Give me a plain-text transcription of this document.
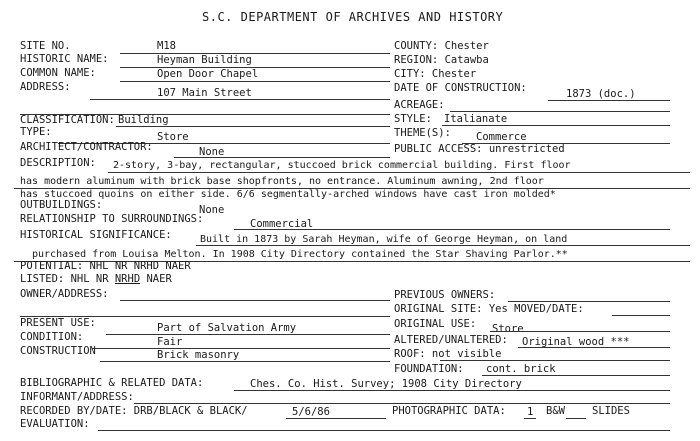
S.C. DEPARTMENT OF ARCHIVES AND HISTORY
SITE NO.	M18
HISTORIC NAME:	Heyman Building
COMMON NAME:	Open Door Chapel
ADDRESS:	107 Main Street
CLASSIFICATION: Building
TYPE:	Store
ARCHITECT/CONTRACTOR:	None
COUNTY: Chester
REGION: Catawba
CITY: Chester
DATE OF CONSTRUCTION:	1873 (doc.)
ACREAGE:
STYLE: Italianate
THEME(S): Commerce
PUBLIC ACCESS: unrestricted
DESCRIPTION: 2-story, 3-bay, rectangular, stuccoed brick commercial building. First floor
has modern aluminum with brick base shopfronts, no entrance. Aluminum awning, 2nd floor
has stuccoed quoins on either side. 6/6 segmentally-arched windows have cast iron molded*
OUTBUILDINGS:	None
RELATIONSHIP TO SURROUNDINGS:	Commercial
HISTORICAL SIGNIFICANCE:	Built in 1873 by Sarah Heyman, wife of George Heyman, on land
purchased from Louisa Melton. In 1908 City Directory contained the Star Shaving Parlor.**
POTENTIAL: NHL NR NRHD NAER
LISTED: NHL NR NRHD NAER
OWNER/ADDRESS:	PREVIOUS OWNERS:
ORIGINAL SITE: Yes MOVED/DATE:
PRESENT USE:	Part of Salvation Army	ORIGINAL USE: Store
CONDITION:	Fair	ALTERED/UNALTERED: Original wood ***
CONSTRUCTION	Brick masonry	ROOF: not visible
FOUNDATION: cont. brick
BIBLIOGRAPHIC & RELATED DATA:	Ches. Co. Hist. Survey; 1908 City Directory
INFORMANT/ADDRESS:
RECORDED BY/DATE: DRB/BLACK & BLACK/	5/6/86	PHOTOGRAPHIC DATA: 1 B&W	SLIDES
EVALUATION:
